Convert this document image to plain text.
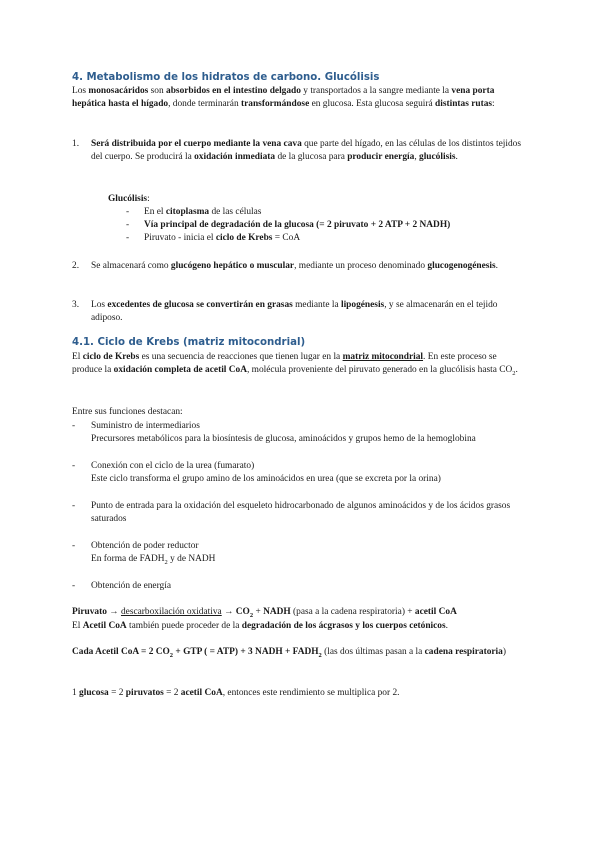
4. Metabolismo de los hidratos de carbono. Glucólisis

Los monosacáridos son absorbidos en el intestino delgado y transportados a la sangre mediante la vena porta hepática hasta el hígado, donde terminarán transformándose en glucosa. Esta glucosa seguirá distintas rutas:

1. Será distribuida por el cuerpo mediante la vena cava que parte del hígado, en las células de los distintos tejidos del cuerpo. Se producirá la oxidación inmediata de la glucosa para producir energía, glucólisis.

Glucólisis:

- En el citoplasma de las células
- Vía principal de degradación de la glucosa (= 2 piruvato + 2 ATP + 2 NADH)
- Piruvato - inicia el ciclo de Krebs = CoA
2. Se almacenará como glucógeno hepático o muscular, mediante un proceso denominado glucogenogénesis.

3. Los excedentes de glucosa se convertirán en grasas mediante la lipogénesis, y se almacenarán en el tejido adiposo.

4.1. Ciclo de Krebs (matriz mitocondrial)

El ciclo de Krebs es una secuencia de reacciones que tienen lugar en la matriz mitocondrial. En este proceso se produce la oxidación completa de acetil CoA, molécula proveniente del piruvato generado en la glucólisis hasta $CO_2$.

Entre sus funciones destacan:

- Suministro de intermediarios

Precursores metabólicos para la biosíntesis de glucosa, aminoácidos y grupos hemo de la hemoglobina

- Conexión con el ciclo de la urea (fumarato)

Este ciclo transforma el grupo amino de los aminoácidos en urea (que se excreta por la orina)

- Punto de entrada para la oxidación del esqueleto hidrocarbonado de algunos aminoácidos y de los ácidos grasos saturados

- Obtención de poder reductor

En forma de $FADH_2$ y de NADH

- Obtención de energía

Piruvato → descarboxilación oxidativa → $CO_2$ + NADH (pasa a la cadena respiratoria) + acetil CoA

El Acetil CoA también puede proceder de la degradación de los ácgrasos y los cuerpos cetónicos.

Cada Acetil CoA = 2 $CO_2$ + GTP ( = ATP) + 3 NADH + $FADH_2$ (las dos últimas pasan a la cadena respiratoria)

1 glucosa = 2 piruvatos = 2 acetil CoA, entonces este rendimiento se multiplica por 2.
